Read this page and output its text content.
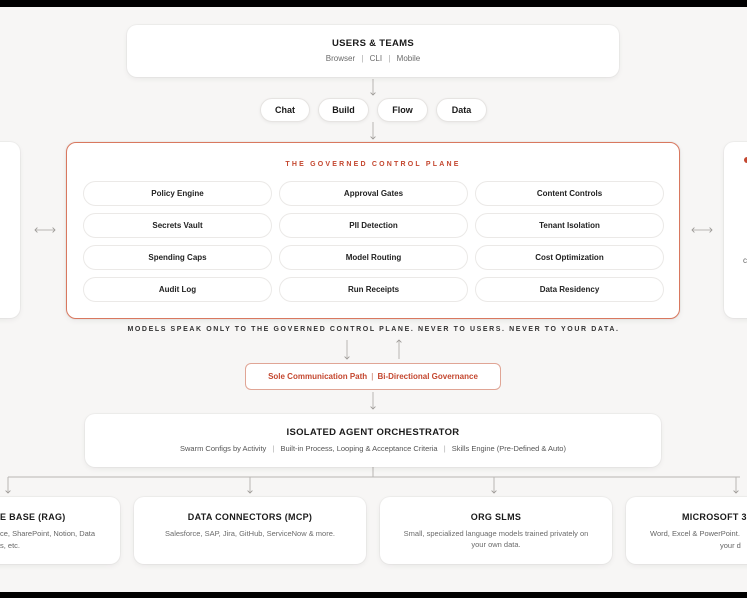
USERS & TEAMS
Browser | CLI | Mobile
Chat	Build	Flow	Data
c
THE GOVERNED CONTROL PLANE
Policy Engine	Approval Gates	Content Controls
Secrets Vault	PII Detection	Tenant Isolation
Spending Caps	Model Routing	Cost Optimization
Audit Log	Run Receipts	Data Residency
MODELS SPEAK ONLY TO THE GOVERNED CONTROL PLANE. NEVER TO USERS. NEVER TO YOUR DATA.
Sole Communication Path | Bi-Directional Governance
ISOLATED AGENT ORCHESTRATOR
Swarm Configs by Activity | Built-in Process, Looping & Acceptance Criteria | Skills Engine (Pre-Defined & Auto)
E BASE (RAG)
ce, SharePoint, Notion, Data
s, etc.
DATA CONNECTORS (MCP)
Salesforce, SAP, Jira, GitHub, ServiceNow & more.
ORG SLMS
Small, specialized language models trained privately on
your own data.
MICROSOFT 3
Word, Excel & PowerPoint.
your d
